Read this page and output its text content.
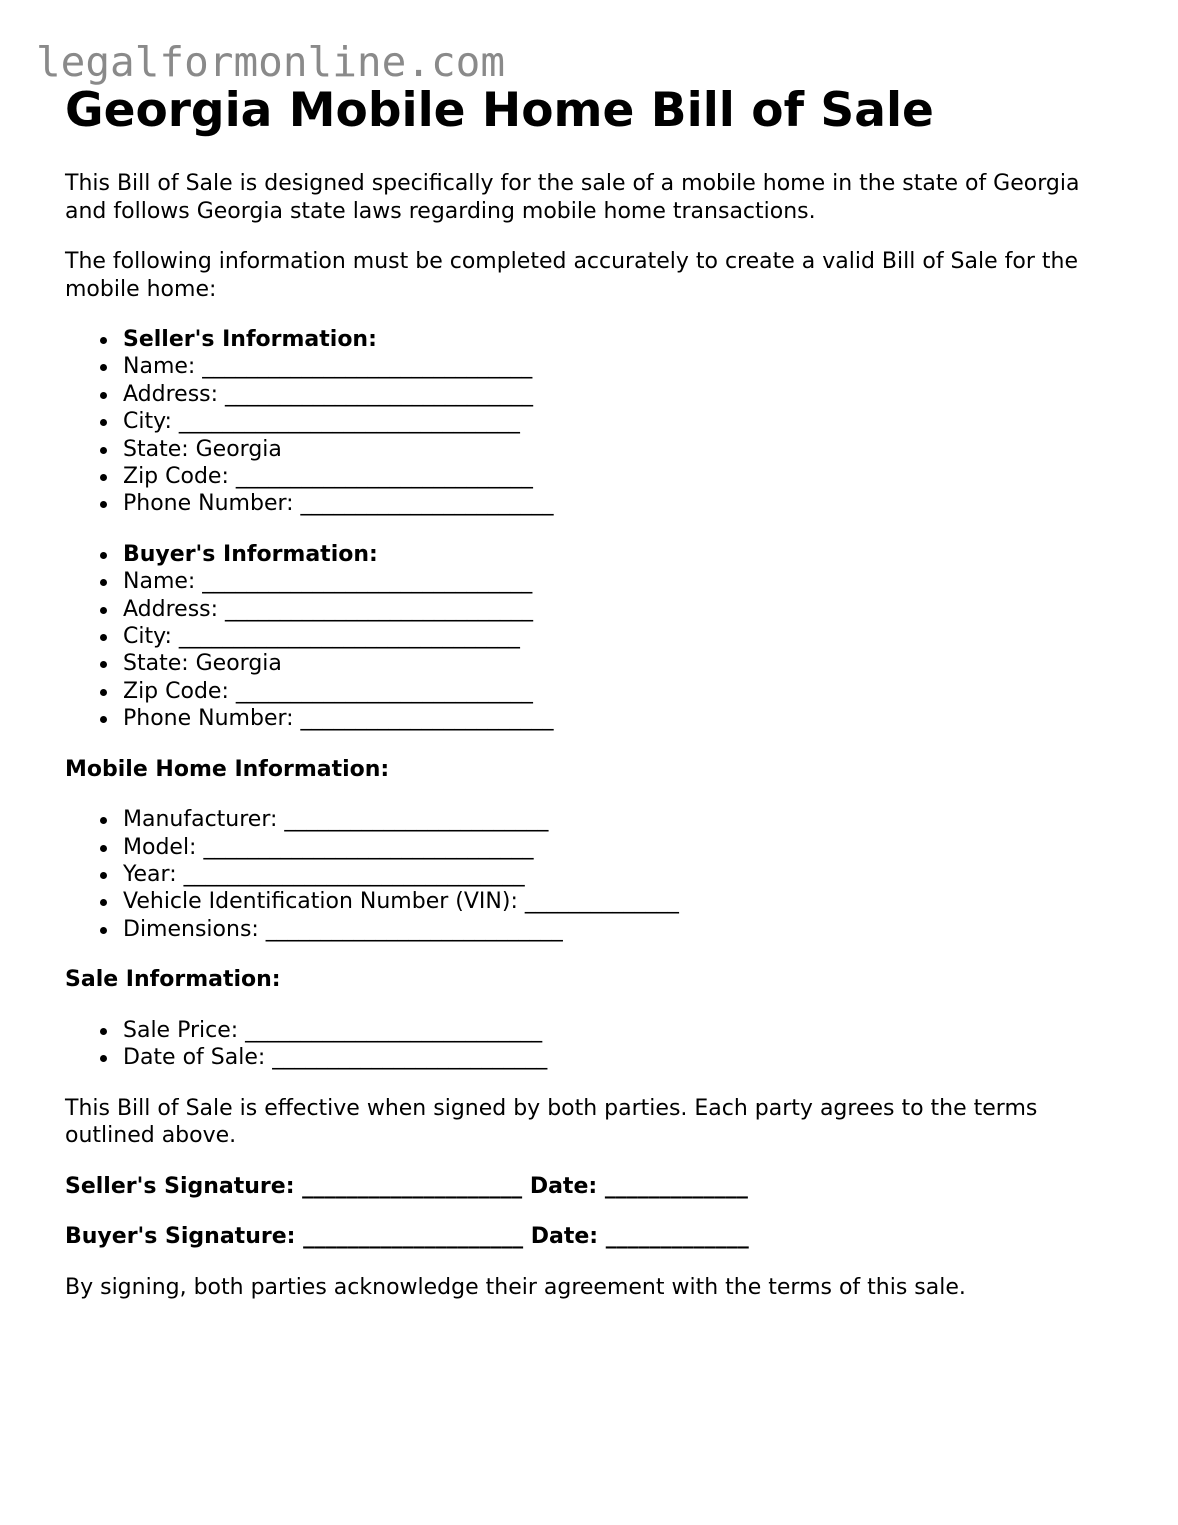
legalformonline.com
Georgia Mobile Home Bill of Sale

This Bill of Sale is designed specifically for the sale of a mobile home in the state of Georgia and follows Georgia state laws regarding mobile home transactions.

The following information must be completed accurately to create a valid Bill of Sale for the mobile home:

Seller's Information:
Name: ______________________________
Address: ____________________________
City: _______________________________
State: Georgia
Zip Code: ___________________________
Phone Number: _______________________
Buyer's Information:
Name: ______________________________
Address: ____________________________
City: _______________________________
State: Georgia
Zip Code: ___________________________
Phone Number: _______________________
Mobile Home Information:
Manufacturer: ________________________
Model: ______________________________
Year: _______________________________
Vehicle Identification Number (VIN): ______________
Dimensions: ___________________________
Sale Information:
Sale Price: ___________________________
Date of Sale: _________________________

This Bill of Sale is effective when signed by both parties. Each party agrees to the terms outlined above.

Seller's Signature: ____________________ Date: _____________
Buyer's Signature: ____________________ Date: _____________

By signing, both parties acknowledge their agreement with the terms of this sale.
